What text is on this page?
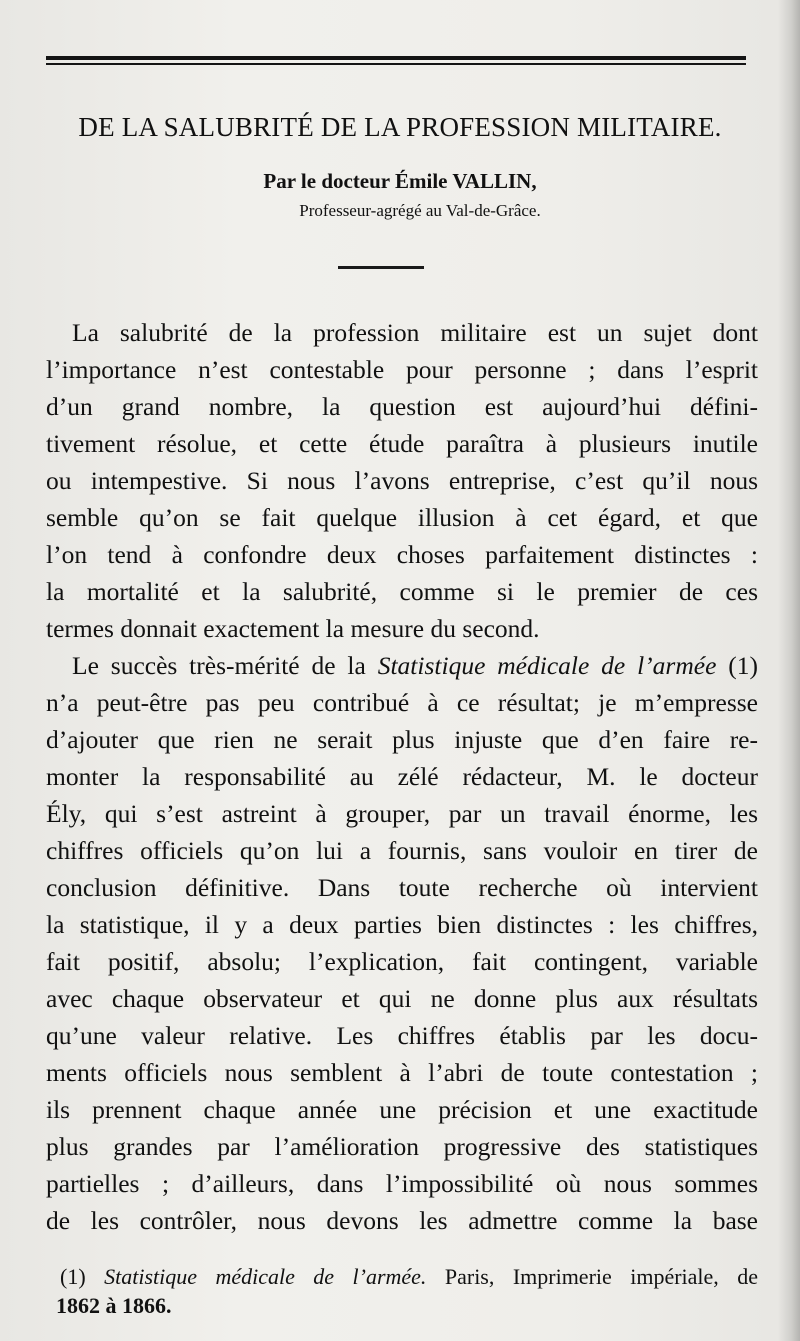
DE LA SALUBRITÉ DE LA PROFESSION MILITAIRE.

Par le docteur Émile VALLIN,

Professeur-agrégé au Val-de-Grâce.

La salubrité de la profession militaire est un sujet dont
l’importance n’est contestable pour personne ; dans l’esprit
d’un grand nombre, la question est aujourd’hui défini-
tivement résolue, et cette étude paraîtra à plusieurs inutile
ou intempestive. Si nous l’avons entreprise, c’est qu’il nous
semble qu’on se fait quelque illusion à cet égard, et que
l’on tend à confondre deux choses parfaitement distinctes :
la mortalité et la salubrité, comme si le premier de ces
termes donnait exactement la mesure du second.
Le succès très-mérité de la Statistique médicale de l’armée (1)
n’a peut-être pas peu contribué à ce résultat; je m’empresse
d’ajouter que rien ne serait plus injuste que d’en faire re-
monter la responsabilité au zélé rédacteur, M. le docteur
Ély, qui s’est astreint à grouper, par un travail énorme, les
chiffres officiels qu’on lui a fournis, sans vouloir en tirer de
conclusion définitive. Dans toute recherche où intervient
la statistique, il y a deux parties bien distinctes : les chiffres,
fait positif, absolu; l’explication, fait contingent, variable
avec chaque observateur et qui ne donne plus aux résultats
qu’une valeur relative. Les chiffres établis par les docu-
ments officiels nous semblent à l’abri de toute contestation ;
ils prennent chaque année une précision et une exactitude
plus grandes par l’amélioration progressive des statistiques
partielles ; d’ailleurs, dans l’impossibilité où nous sommes
de les contrôler, nous devons les admettre comme la base
(1) Statistique médicale de l’armée. Paris, Imprimerie impériale, de
1862 à 1866.
